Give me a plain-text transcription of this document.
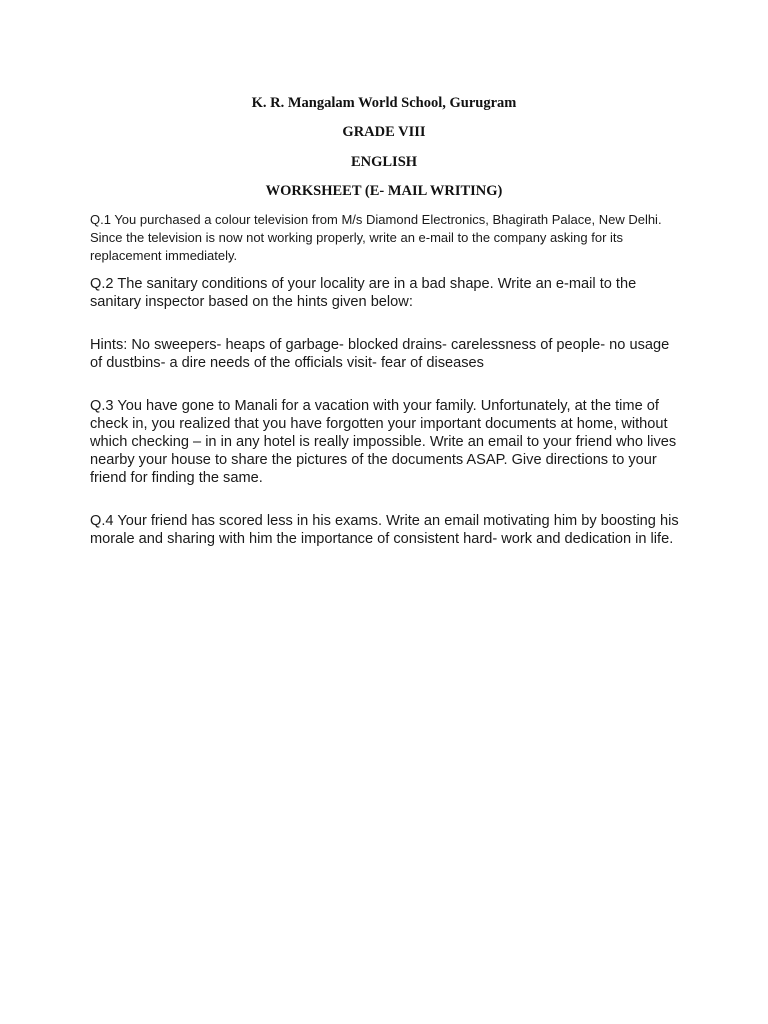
K. R. Mangalam World School, Gurugram
GRADE VIII
ENGLISH
WORKSHEET (E- MAIL WRITING)

Q.1 You purchased a colour television from M/s Diamond Electronics, Bhagirath Palace, New Delhi. Since the television is now not working properly, write an e-mail to the company asking for its replacement immediately.

Q.2 The sanitary conditions of your locality are in a bad shape. Write an e-mail to the sanitary inspector based on the hints given below:

Hints: No sweepers- heaps of garbage- blocked drains- carelessness of people- no usage of dustbins- a dire needs of the officials visit- fear of diseases

Q.3 You have gone to Manali for a vacation with your family. Unfortunately, at the time of check in, you realized that you have forgotten your important documents at home, without which checking – in in any hotel is really impossible. Write an email to your friend who lives nearby your house to share the pictures of the documents ASAP. Give directions to your friend for finding the same.

Q.4 Your friend has scored less in his exams. Write an email motivating him by boosting his morale and sharing with him the importance of consistent hard- work and dedication in life.
